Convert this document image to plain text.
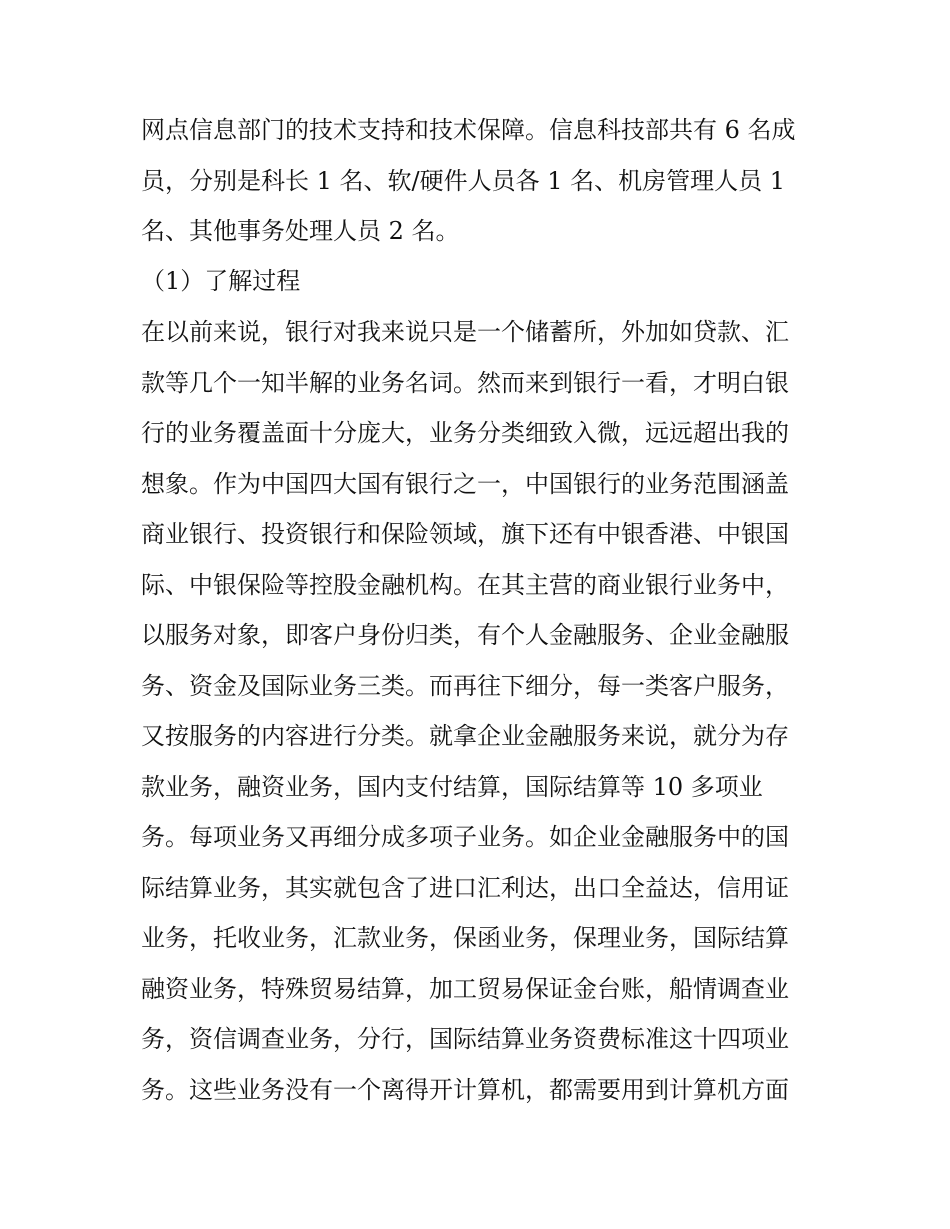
网点信息部门的技术支持和技术保障。信息科技部共有 6 名成

员，分别是科长 1 名、软/硬件人员各 1 名、机房管理人员 1

名、其他事务处理人员 2 名。

（1）了解过程

在以前来说，银行对我来说只是一个储蓄所，外加如贷款、汇

款等几个一知半解的业务名词。然而来到银行一看，才明白银

行的业务覆盖面十分庞大，业务分类细致入微，远远超出我的

想象。作为中国四大国有银行之一，中国银行的业务范围涵盖

商业银行、投资银行和保险领域，旗下还有中银香港、中银国

际、中银保险等控股金融机构。在其主营的商业银行业务中，

以服务对象，即客户身份归类，有个人金融服务、企业金融服

务、资金及国际业务三类。而再往下细分，每一类客户服务，

又按服务的内容进行分类。就拿企业金融服务来说，就分为存

款业务，融资业务，国内支付结算，国际结算等 10 多项业

务。每项业务又再细分成多项子业务。如企业金融服务中的国

际结算业务，其实就包含了进口汇利达，出口全益达，信用证

业务，托收业务，汇款业务，保函业务，保理业务，国际结算

融资业务，特殊贸易结算，加工贸易保证金台账，船情调查业

务，资信调查业务，分行，国际结算业务资费标准这十四项业

务。这些业务没有一个离得开计算机，都需要用到计算机方面
